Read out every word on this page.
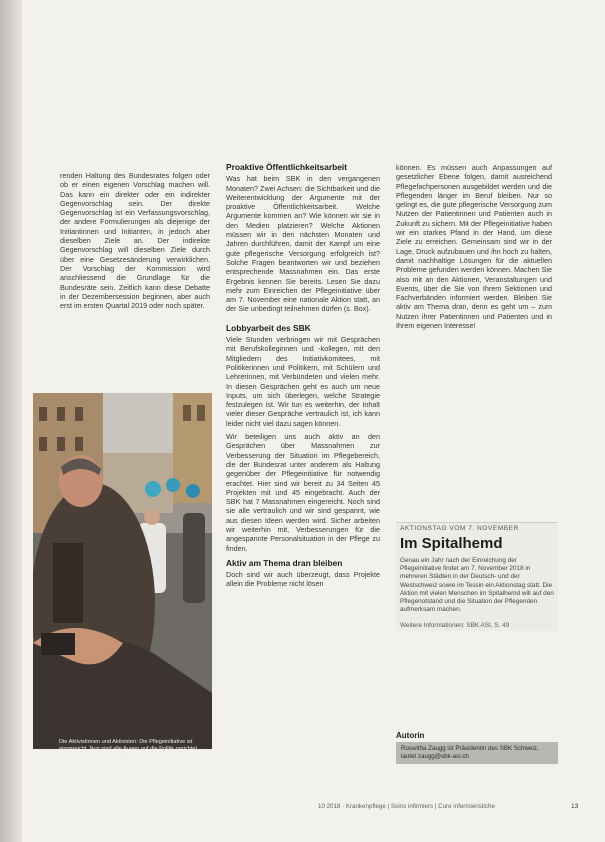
renden Haltung des Bundesrates folgen oder ob er einen eigenen Vorschlag machen will. Das kann ein direkter oder ein indirekter Gegenvorschlag sein. Der direkte Gegenvorschlag ist ein Verfassungsvorschlag, der andere Formulierungen als diejenige der Initiantinnen und Initianten, in jedoch aber dieselben Ziele an. Der indirekte Gegenvorschlag will dieselben Ziele durch über eine Gesetzesänderung verwirklichen. Der Vorschlag der Kommission wird anschliessend die Grundlage für die Bundesräte sein. Zeitlich kann diese Debatte in der Dezembersession beginnen, aber auch erst im ersten Quartal 2019 oder noch später.

Proaktive Öffentlichkeitsarbeit

Was hat beim SBK in den vergangenen Monaten? Zwei Achsen: die Sichtbarkeit und die Weiterentwicklung der Argumente mit der proaktive Öffentlichkeitsarbeit. Welche Argumente kommen an? Wie können wir sie in den Medien platzieren? Welche Aktionen müssen wir in den nächsten Monaten und Jahren durchführen, damit der Kampf um eine gute pflegerische Versorgung erfolgreich ist? Solche Fragen beantworten wir und beziehen entsprechende Massnahmen ein. Das erste Ergebnis kennen Sie bereits. Lesen Sie dazu mehr zum Einreichen der Pflegeinitiative über am 7. November eine nationale Aktion statt, an der Sie unbedingt teilnehmen dürfen (s. Box).

Lobbyarbeit des SBK

Viele Stunden verbringen wir mit Gesprächen mit Berufskolleginnen und -kollegen, mit den Mitgliedern des Initiativkomitees, mit Politikerinnen und Politikern, mit Schülern und Lehrerinnen, mit Verbündeten und vielen mehr. In diesen Gesprächen geht es auch um neue Inputs, um sich überlegen, welche Strategie festzulegen ist. Wir tun es weiterhin, der Inhalt vieler dieser Gespräche vertraulich ist, ich kann leider nicht viel dazu sagen können.

Wir beteiligen uns auch aktiv an den Gesprächen über Massnahmen zur Verbesserung der Situation im Pflegebereich, die der Bundesrat unter anderem als Haltung gegenüber der Pflegeinitiative für notwendig erachtet. Hier sind wir bereit zu 34 Seiten 45 Projekten mit und 45 eingebracht. Auch der SBK hat 7 Massnahmen eingereicht. Noch sind sie alle vertraulich und wir sind gespannt, wie aus diesen Ideen werden wird. Sicher arbeiten wir weiterhin mit, Verbesserungen für die angespannte Personalsituation in der Pflege zu finden.

Aktiv am Thema dran bleiben

Doch sind wir auch überzeugt, dass Projekte allein die Probleme nicht lösen

können. Es müssen auch Anpassungen auf gesetzlicher Ebene folgen, damit ausreichend Pflegefachpersonen ausgebildet werden und die Pflegenden länger im Beruf bleiben. Nur so gelingt es, die gute pflegerische Versorgung zum Nutzen der Patientinnen und Patienten auch in Zukunft zu sichern. Mit der Pflegeinitiative haben wir ein starkes Pfand in der Hand, um diese Ziele zu erreichen. Gemeinsam sind wir in der Lage, Druck aufzubauen und ihn hoch zu halten, damit nachhaltige Lösungen für die aktuellen Probleme gefunden werden können. Machen Sie also mit an den Aktionen, Veranstaltungen und Events, über die Sie von Ihrem Sektionen und Fachverbänden informiert werden. Bleiben Sie aktiv am Thema dran, denn es geht um – zum Nutzen ihrer Patientinnen und Patienten und in Ihrem eigenen Interesse!

Die Aktivistinnen und Aktivisten: Die Pflegeinitiative ist eingereicht. Nun sind alle Augen auf die Politik gerichtet, damit die Anliegen der Pflegenden Gehör finden.
AKTIONSTAG VOM 7. NOVEMBER
Im Spitalhemd
Genau ein Jahr nach der Einreichung der Pflegeinitiative findet am 7. November 2018 in mehreren Städten in der Deutsch- und der Westschweiz sowie im Tessin ein Aktionstag statt. Die Aktion mit vielen Menschen im Spitalhemd will auf den Pflegenotstand und die Situation der Pflegenden aufmerksam machen.
Weitere Informationen: SBK ASI, S. 49
Autorin
Roswitha Zaugg ist Präsidentin des SBK Schweiz, lautet zaugg@sbk-asi.ch
10 2018 · Krankenpflege | Soins infirmiers | Cure infermieristiche	13
